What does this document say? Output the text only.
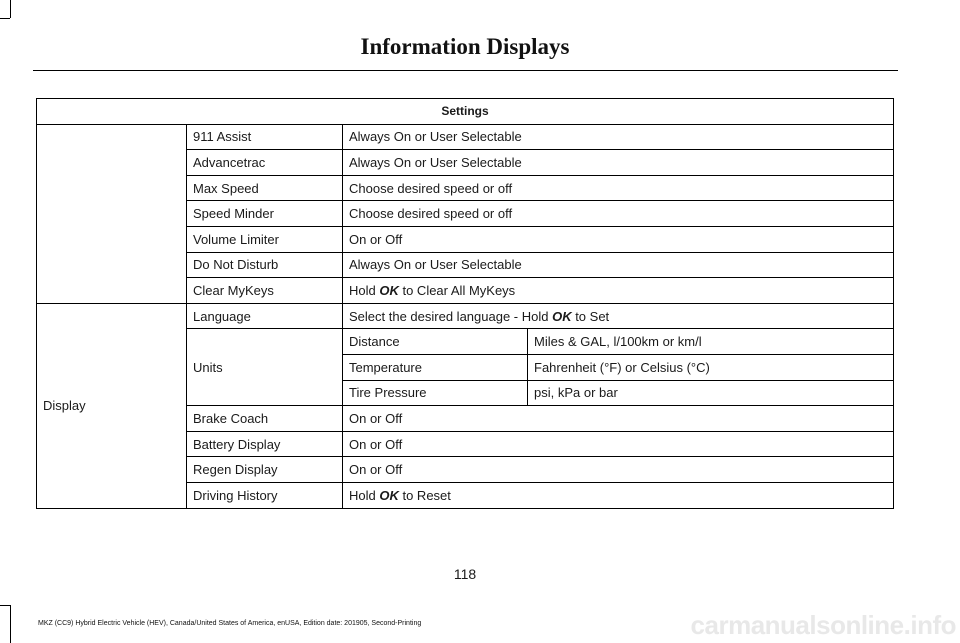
Information Displays
Settings			
	911 Assist	Always On or User Selectable	
	Advancetrac	Always On or User Selectable	
	Max Speed	Choose desired speed or off	
	Speed Minder	Choose desired speed or off	
	Volume Limiter	On or Off	
	Do Not Disturb	Always On or User Selectable	
	Clear MyKeys	Hold OK to Clear All MyKeys	
Display	Language	Select the desired language - Hold OK to Set	
	Units	Distance	Miles & GAL, l/100km or km/l
		Temperature	Fahrenheit (°F) or Celsius (°C)
		Tire Pressure	psi, kPa or bar
	Brake Coach	On or Off	
	Battery Display	On or Off	
	Regen Display	On or Off	
	Driving History	Hold OK to Reset	
118
MKZ (CC9) Hybrid Electric Vehicle (HEV), Canada/United States of America, enUSA, Edition date: 201905, Second-Printing	carmanualsonline.info
